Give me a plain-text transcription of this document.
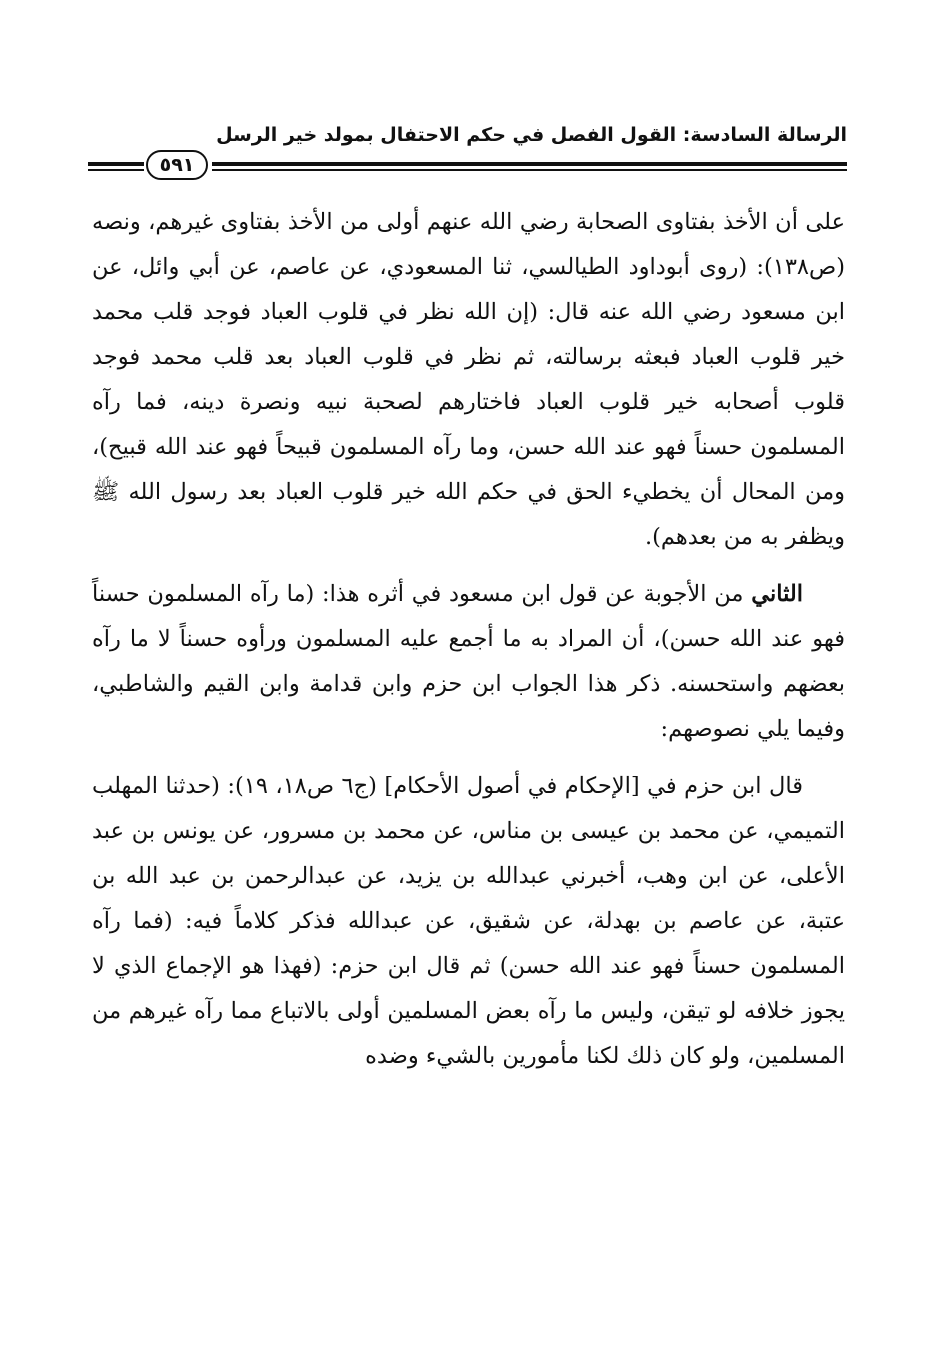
الرسالة السادسة: القول الفصل في حكم الاحتفال بمولد خير الرسل
٥٩١

على أن الأخذ بفتاوى الصحابة رضي الله عنهم أولى من الأخذ بفتاوى غيرهم، ونصه (ص١٣٨): (روى أبوداود الطيالسي، ثنا المسعودي، عن عاصم، عن أبي وائل، عن ابن مسعود رضي الله عنه قال: (إن الله نظر في قلوب العباد فوجد قلب محمد خير قلوب العباد فبعثه برسالته، ثم نظر في قلوب العباد بعد قلب محمد فوجد قلوب أصحابه خير قلوب العباد فاختارهم لصحبة نبيه ونصرة دينه، فما رآه المسلمون حسناً فهو عند الله حسن، وما رآه المسلمون قبيحاً فهو عند الله قبيح)، ومن المحال أن يخطيء الحق في حكم الله خير قلوب العباد بعد رسول الله ﷺ ويظفر به من بعدهم).

الثاني من الأجوبة عن قول ابن مسعود في أثره هذا: (ما رآه المسلمون حسناً فهو عند الله حسن)، أن المراد به ما أجمع عليه المسلمون ورأوه حسناً لا ما رآه بعضهم واستحسنه. ذكر هذا الجواب ابن حزم وابن قدامة وابن القيم والشاطبي، وفيما يلي نصوصهم:

قال ابن حزم في [الإحكام في أصول الأحكام] (ج٦ ص١٨، ١٩): (حدثنا المهلب التميمي، عن محمد بن عيسى بن مناس، عن محمد بن مسرور، عن يونس بن عبد الأعلى، عن ابن وهب، أخبرني عبدالله بن يزيد، عن عبدالرحمن بن عبد الله بن عتبة، عن عاصم بن بهدلة، عن شقيق، عن عبدالله فذكر كلاماً فيه: (فما رآه المسلمون حسناً فهو عند الله حسن) ثم قال ابن حزم: (فهذا هو الإجماع الذي لا يجوز خلافه لو تيقن، وليس ما رآه بعض المسلمين أولى بالاتباع مما رآه غيرهم من المسلمين، ولو كان ذلك لكنا مأمورين بالشيء وضده
